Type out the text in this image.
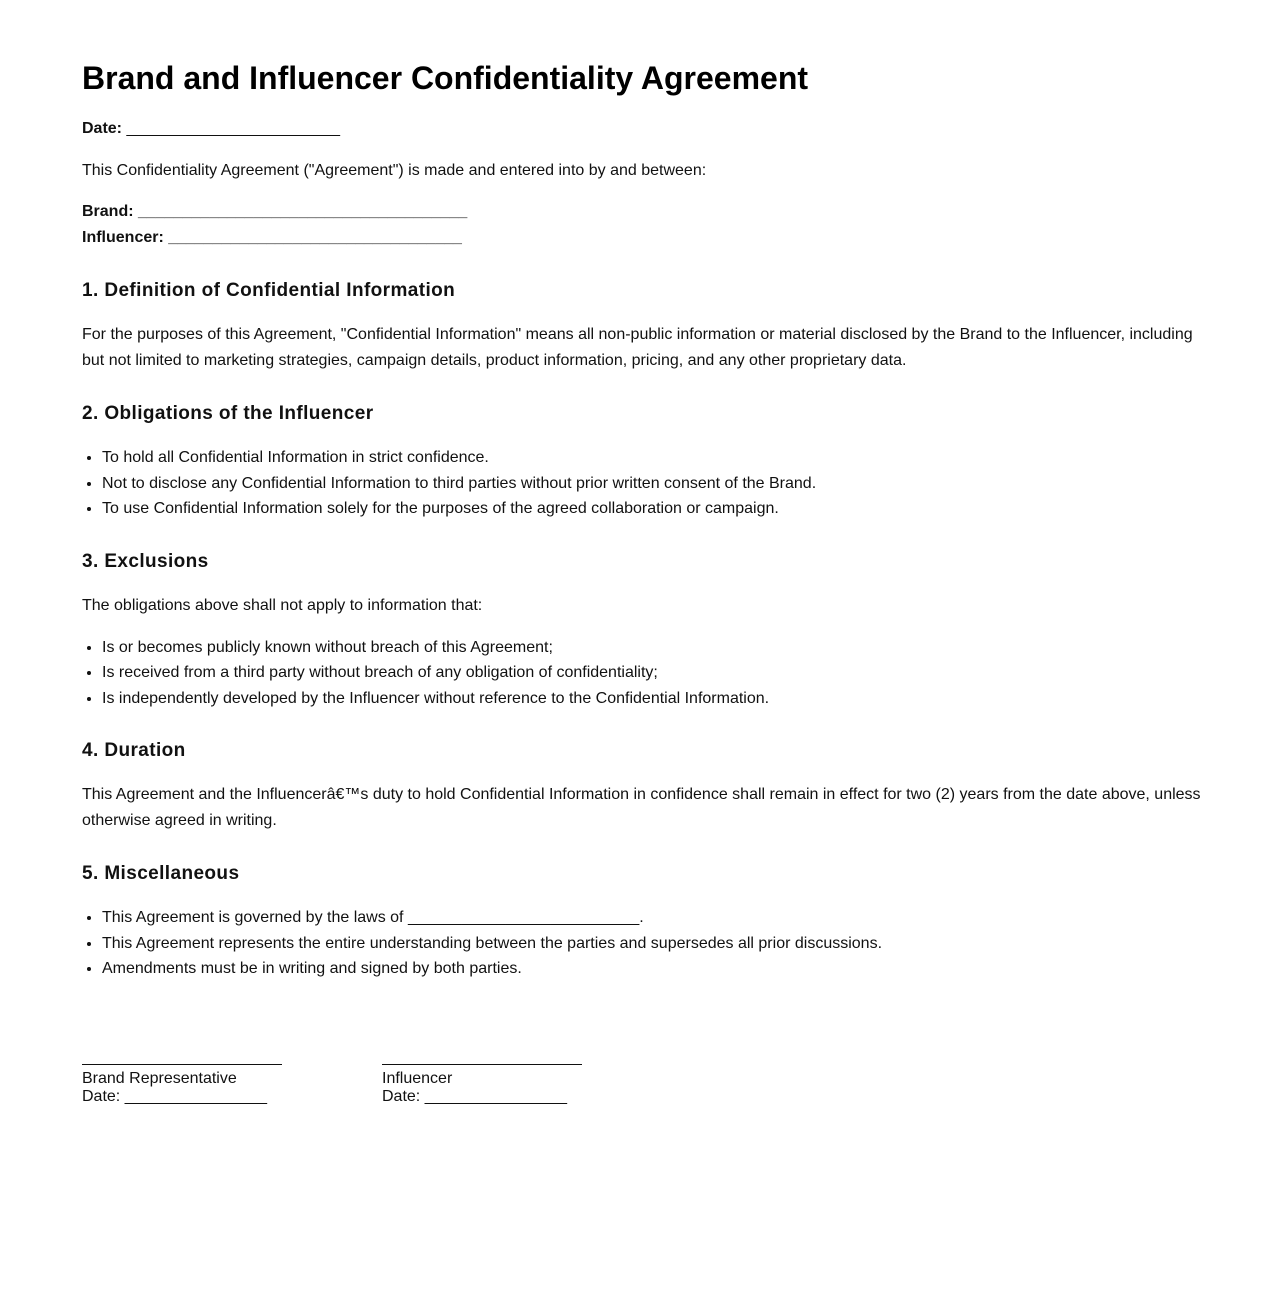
Brand and Influencer Confidentiality Agreement

Date: ________________________

This Confidentiality Agreement ("Agreement") is made and entered into by and between:

Brand: _____________________________________

Influencer: _________________________________

1. Definition of Confidential Information

For the purposes of this Agreement, "Confidential Information" means all non-public information or material disclosed by the Brand to the Influencer, including but not limited to marketing strategies, campaign details, product information, pricing, and any other proprietary data.

2. Obligations of the Influencer
• To hold all Confidential Information in strict confidence.
• Not to disclose any Confidential Information to third parties without prior written consent of the Brand.
• To use Confidential Information solely for the purposes of the agreed collaboration or campaign.
3. Exclusions

The obligations above shall not apply to information that:

• Is or becomes publicly known without breach of this Agreement;
• Is received from a third party without breach of any obligation of confidentiality;
• Is independently developed by the Influencer without reference to the Confidential Information.
4. Duration

This Agreement and the Influencerâ€™s duty to hold Confidential Information in confidence shall remain in effect for two (2) years from the date above, unless otherwise agreed in writing.

5. Miscellaneous
• This Agreement is governed by the laws of __________________________.
• This Agreement represents the entire understanding between the parties and supersedes all prior discussions.
• Amendments must be in writing and signed by both parties.
Brand Representative
Date: ________________
Influencer
Date: ________________
